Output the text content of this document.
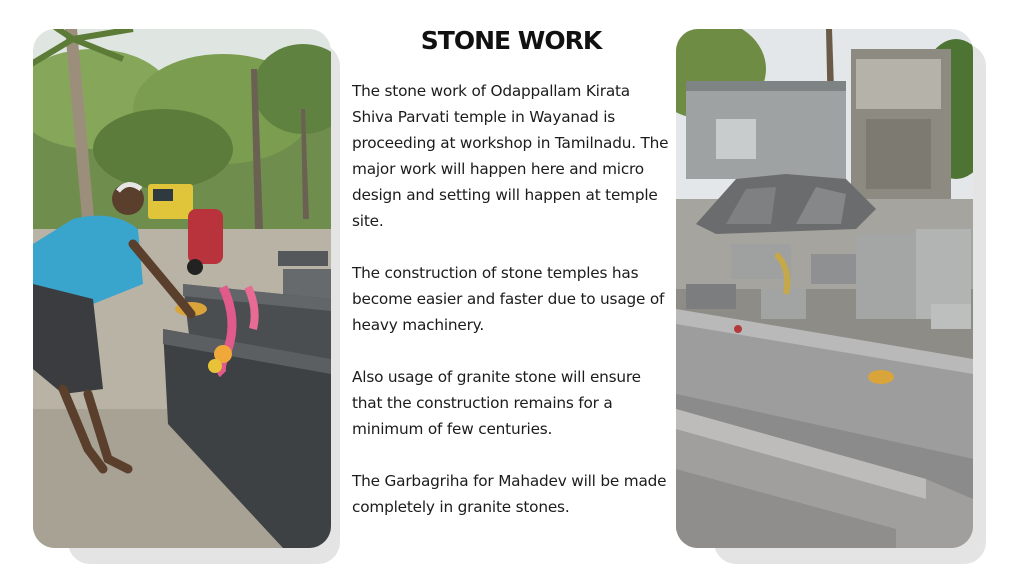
STONE WORK

The stone work of Odappallam Kirata Shiva Parvati temple in Wayanad is proceeding at workshop in Tamilnadu. The major work will happen here and micro design and setting will happen at temple site.

The construction of stone temples has become easier and faster due to usage of heavy machinery.

Also usage of granite stone will ensure that the construction remains for a minimum of few centuries.

The Garbagriha for Mahadev will be made completely in granite stones.
